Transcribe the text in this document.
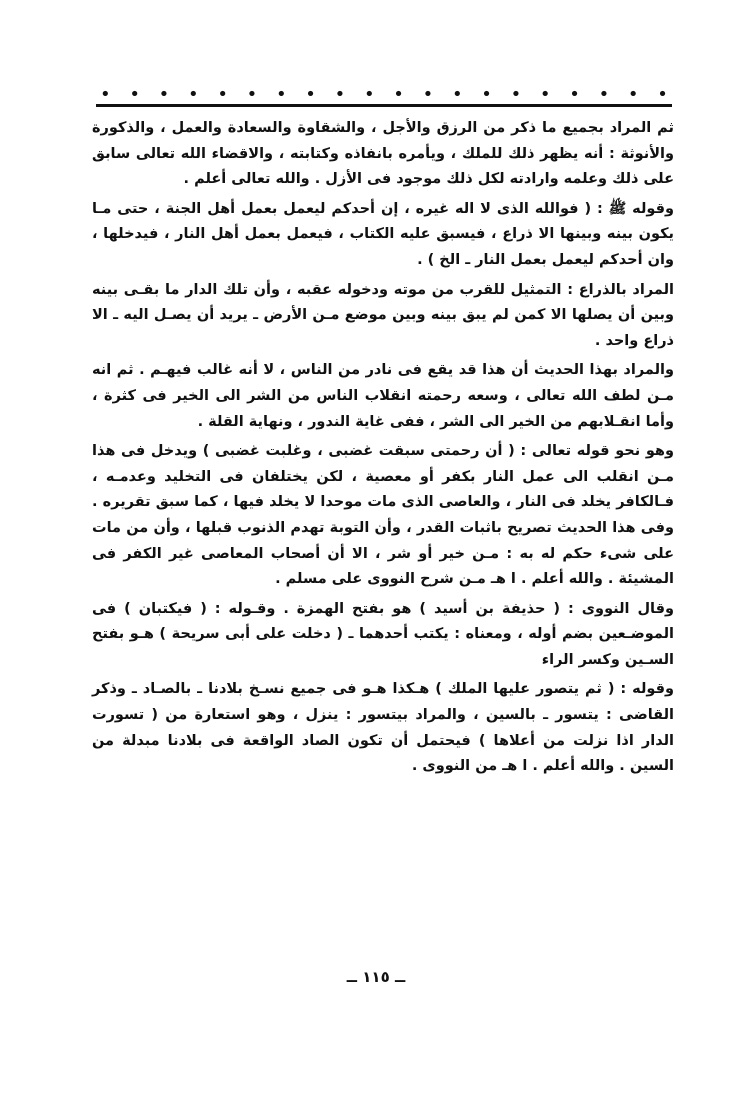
• • • • • • • • • • • • • • • • • • • •

ثم المراد بجميع ما ذكر من الرزق والأجل ، والشقاوة والسعادة والعمل ، والذكورة والأنوثة : أنه يظهر ذلك للملك ، ويأمره بانفاذه وكتابته ، والاقضاء الله تعالى سابق على ذلك وعلمه وارادته لكل ذلك موجود فى الأزل . والله تعالى أعلم .

وقوله ﷺ : ( فوالله الذى لا اله غيره ، إن أحدكم ليعمل بعمل أهل الجنة ، حتى مـا يكون بينه وبينها الا ذراع ، فيسبق عليه الكتاب ، فيعمل بعمل أهل النار ، فيدخلها ، وان أحدكم ليعمل بعمل النار ـ الخ ) .

المراد بالذراع : التمثيل للقرب من موته ودخوله عقبه ، وأن تلك الدار ما بقـى بينه وبين أن يصلها الا كمن لم يبق بينه وبين موضع مـن الأرض ـ يريد أن يصـل اليه ـ الا ذراع واحد .

والمراد بهذا الحديث أن هذا قد يقع فى نادر من الناس ، لا أنه غالب فيهـم . ثم انه مـن لطف الله تعالى ، وسعه رحمته انقلاب الناس من الشر الى الخير فى كثرة ، وأما انقـلابهم من الخير الى الشر ، ففى غاية الندور ، ونهاية القلة .

وهو نحو قوله تعالى : ( أن رحمتى سبقت غضبى ، وغلبت غضبى ) ويدخل فى هذا مـن انقلب الى عمل النار بكفر أو معصية ، لكن يختلفان فى التخليد وعدمـه ، فـالكافر يخلد فى النار ، والعاصى الذى مات موحدا لا يخلد فيها ، كما سبق تقريره . وفى هذا الحديث تصريح باثبات القدر ، وأن التوبة تهدم الذنوب قبلها ، وأن من مات على شىء حكم له به : مـن خير أو شر ، الا أن أصحاب المعاصى غير الكفر فى المشيئة . والله أعلم . ا هـ مـن شرح النووى على مسلم .

وقال النووى : ( حذيفة بن أسيد ) هو بفتح الهمزة . وقـوله : ( فيكتبان ) فى الموضـعين بضم أوله ، ومعناه : يكتب أحدهما ـ ( دخلت على أبى سريحة ) هـو بفتح السـين وكسر الراء

وقوله : ( ثم يتصور عليها الملك ) هـكذا هـو فى جميع نسـخ بلادنا ـ بالصـاد ـ وذكر القاضى : يتسور ـ بالسين ، والمراد بيتسور : ينزل ، وهو استعارة من ( تسورت الدار اذا نزلت من أعلاها ) فيحتمل أن تكون الصاد الواقعة فى بلادنا مبدلة من السين . والله أعلم . ا هـ من النووى .

ــ ١١٥ ــ
